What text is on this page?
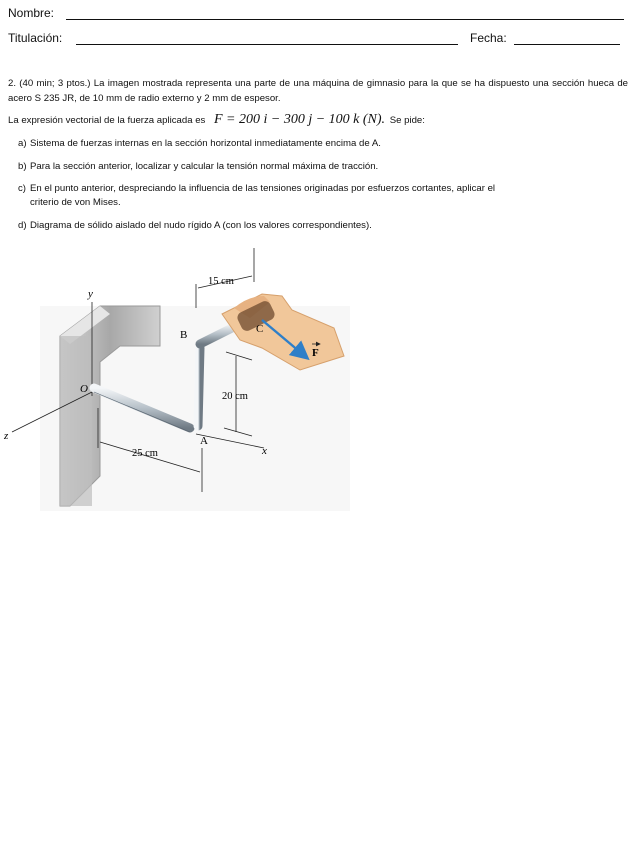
Nombre:
Titulación:	Fecha:
2. (40 min; 3 ptos.) La imagen mostrada representa una parte de una máquina de gimnasio para la que se ha dispuesto una sección hueca de acero S 235 JR, de 10 mm de radio externo y 2 mm de espesor.
La expresión vectorial de la fuerza aplicada es F = 200 i − 300 j − 100 k (N). Se pide:
a) Sistema de fuerzas internas en la sección horizontal inmediatamente encima de A.
b) Para la sección anterior, localizar y calcular la tensión normal máxima de tracción.
c) En el punto anterior, despreciando la influencia de las tensiones originadas por esfuerzos cortantes, aplicar el
criterio de von Mises.
d) Diagrama de sólido aislado del nudo rígido A (con los valores correspondientes).
y
z
F
x
O
A
B	C
15 cm
20 cm
25 cm
